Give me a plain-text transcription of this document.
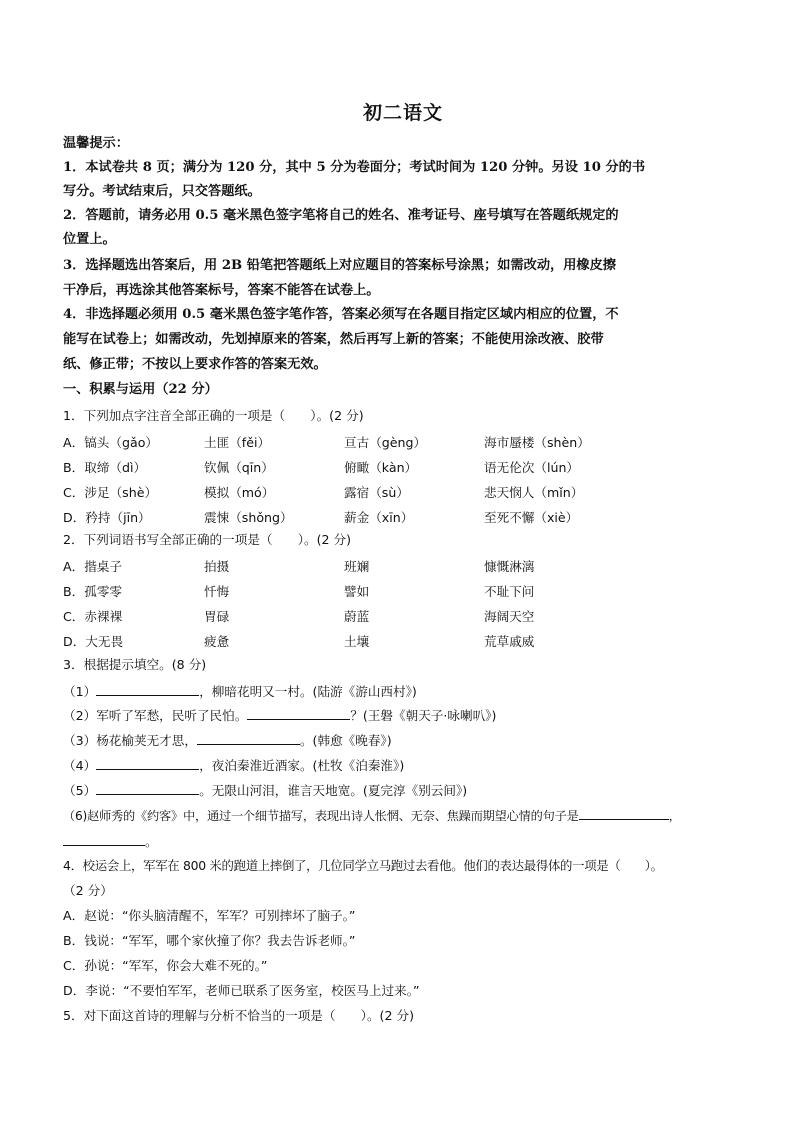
初二语文
温馨提示：
1．本试卷共 8 页；满分为 120 分，其中 5 分为卷面分；考试时间为 120 分钟。另设 10 分的书
写分。考试结束后，只交答题纸。
2．答题前，请务必用 0.5 毫米黑色签字笔将自己的姓名、准考证号、座号填写在答题纸规定的
位置上。
3．选择题选出答案后，用 2B 铅笔把答题纸上对应题目的答案标号涂黑；如需改动，用橡皮擦
干净后，再选涂其他答案标号，答案不能答在试卷上。
4．非选择题必须用 0.5 毫米黑色签字笔作答，答案必须写在各题目指定区域内相应的位置，不
能写在试卷上；如需改动，先划掉原来的答案，然后再写上新的答案；不能使用涂改液、胶带
纸、修正带；不按以上要求作答的答案无效。
一、积累与运用（22 分）
1．下列加点字注音全部正确的一项是（　　）。(2 分)
A．镐头（gǎo）	土匪（fěi）	亘古（gèng）	海市蜃楼（shèn）
B．取缔（dì）	钦佩（qīn）	俯瞰（kàn）	语无伦次（lún）
C．涉足（shè）	模拟（mó）	露宿（sù）	悲天悯人（mǐn）
D．矜持（jīn）	震悚（shǒng）	薪金（xīn）	至死不懈（xiè）
2．下列词语书写全部正确的一项是（　　）。(2 分)
A．揩桌子	拍摄	班斓	慷慨淋漓
B．孤零零	忏悔	譬如	不耻下问
C．赤裸裸	胃碌	蔚蓝	海阔天空
D．大无畏	疲惫	土壤	荒草戚威
3．根据提示填空。(8 分)
（1）	，柳暗花明又一村。(陆游《游山西村》)
（2）军听了军愁，民听了民怕。	？(王磐《朝天子·咏喇叭》)
（3）杨花榆荚无才思，	。(韩愈《晚春》)
（4）	，夜泊秦淮近酒家。(杜牧《泊秦淮》)
（5）	。无限山河泪，谁言天地宽。(夏完淳《别云间》)
（6)赵师秀的《约客》中，通过一个细节描写，表现出诗人怅惘、无奈、焦躁而期望心情的句子是	，
。
4．校运会上，军军在 800 米的跑道上摔倒了，几位同学立马跑过去看他。他们的表达最得体的一项是（　　）。
（2 分）
A．赵说：“你头脑清醒不，军军？可别摔坏了脑子。”
B．钱说：“军军，哪个家伙撞了你？我去告诉老师。”
C．孙说：“军军，你会大难不死的。”
D．李说：“不要怕军军，老师已联系了医务室，校医马上过来。”
5．对下面这首诗的理解与分析不恰当的一项是（　　）。(2 分)
